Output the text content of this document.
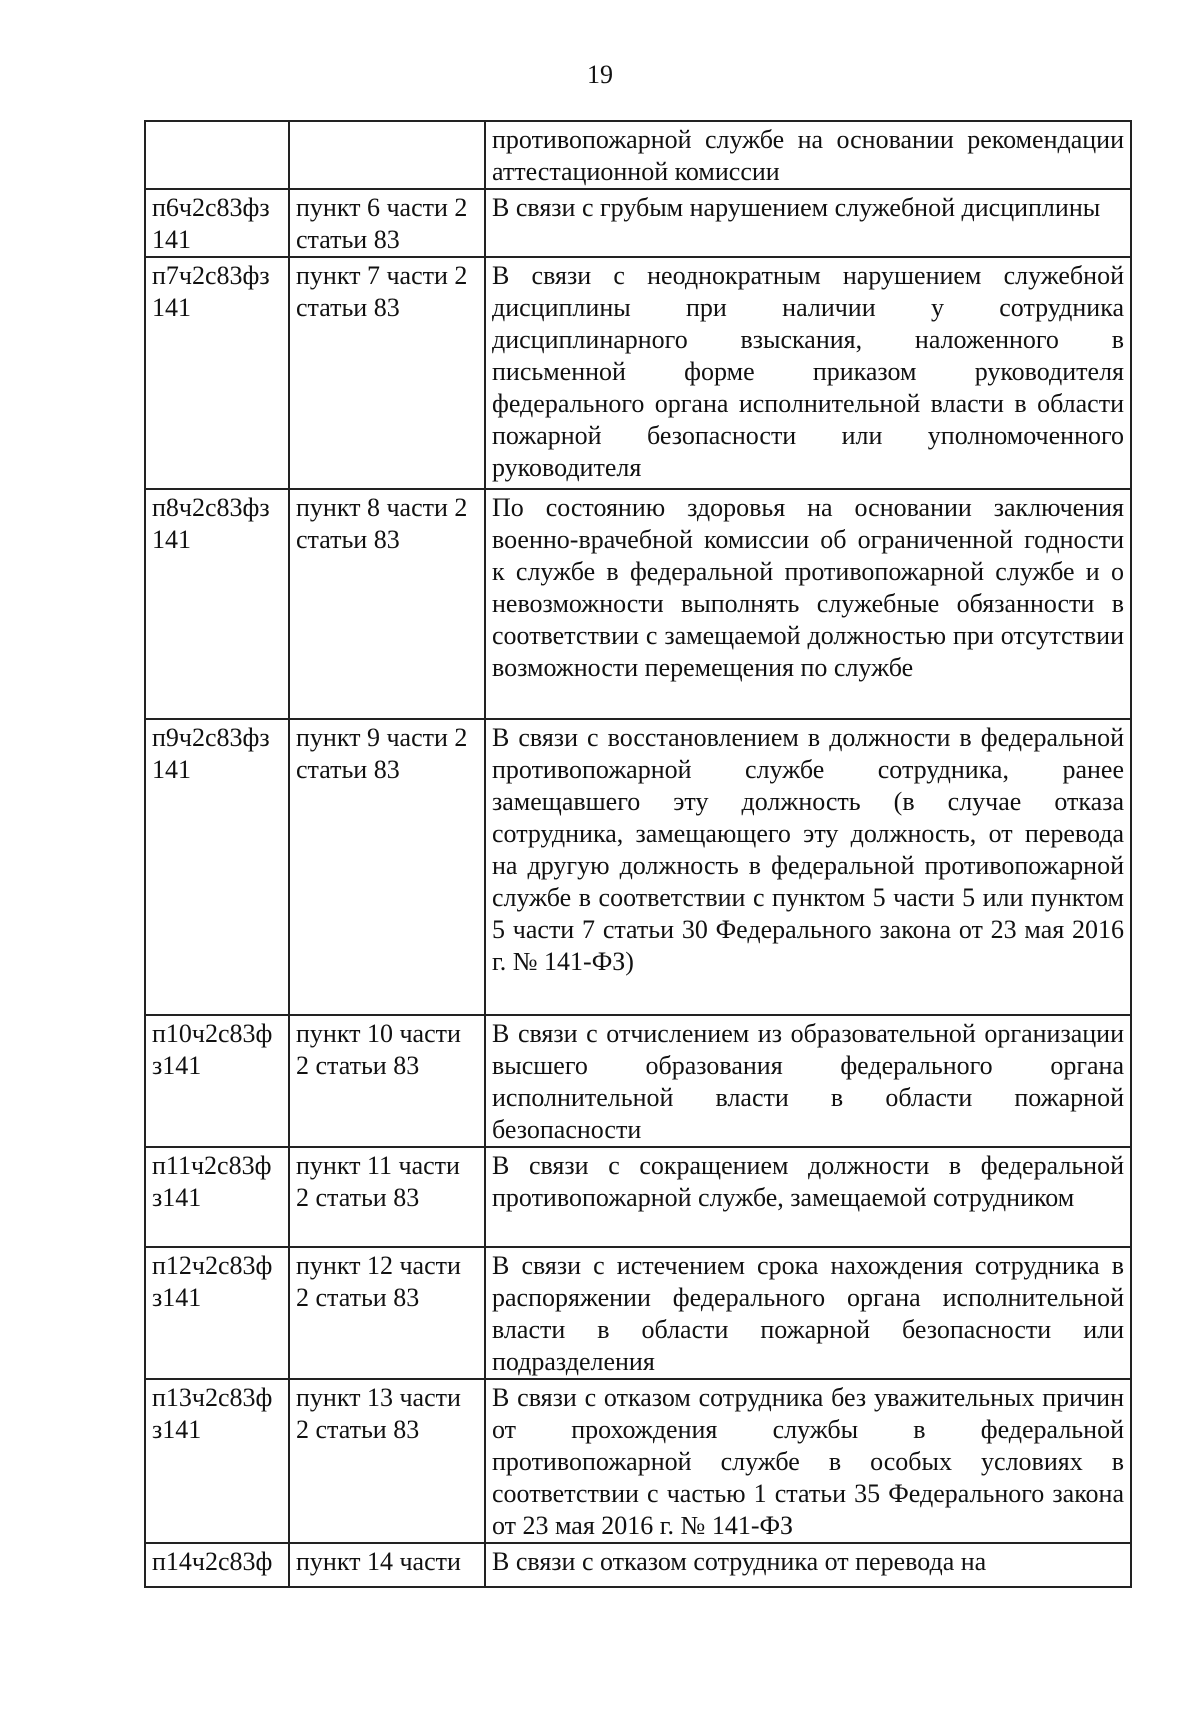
19
		противопожарной службе на основании рекомендации аттестационной комиссии
п6ч2с83фз 141	пункт 6 части 2 статьи 83	В связи с грубым нарушением служебной дисциплины
п7ч2с83фз 141	пункт 7 части 2 статьи 83	В связи с неоднократным нарушением служебной дисциплины при наличии у сотрудника дисциплинарного взыскания, наложенного в письменной форме приказом руководителя федерального органа исполнительной власти в области пожарной безопасности или уполномоченного руководителя
п8ч2с83фз 141	пункт 8 части 2 статьи 83	По состоянию здоровья на основании заключения военно-врачебной комиссии об ограниченной годности к службе в федеральной противопожарной службе и о невозможности выполнять служебные обязанности в соответствии с замещаемой должностью при отсутствии возможности перемещения по службе
п9ч2с83фз 141	пункт 9 части 2 статьи 83	В связи с восстановлением в должности в федеральной противопожарной службе сотрудника, ранее замещавшего эту должность (в случае отказа сотрудника, замещающего эту должность, от перевода на другую должность в федеральной противопожарной службе в соответствии с пунктом 5 части 5 или пунктом 5 части 7 статьи 30 Федерального закона от 23 мая 2016 г. № 141-ФЗ)
п10ч2с83ф з141	пункт 10 части 2 статьи 83	В связи с отчислением из образовательной организации высшего образования федерального органа исполнительной власти в области пожарной безопасности
п11ч2с83ф з141	пункт 11 части 2 статьи 83	В связи с сокращением должности в федеральной противопожарной службе, замещаемой сотрудником
п12ч2с83ф з141	пункт 12 части 2 статьи 83	В связи с истечением срока нахождения сотрудника в распоряжении федерального органа исполнительной власти в области пожарной безопасности или подразделения
п13ч2с83ф з141	пункт 13 части 2 статьи 83	В связи с отказом сотрудника без уважительных причин от прохождения службы в федеральной противопожарной службе в особых условиях в соответствии с частью 1 статьи 35 Федерального закона от 23 мая 2016 г. № 141-ФЗ
п14ч2с83ф	пункт 14 части	В связи с отказом сотрудника от перевода на
